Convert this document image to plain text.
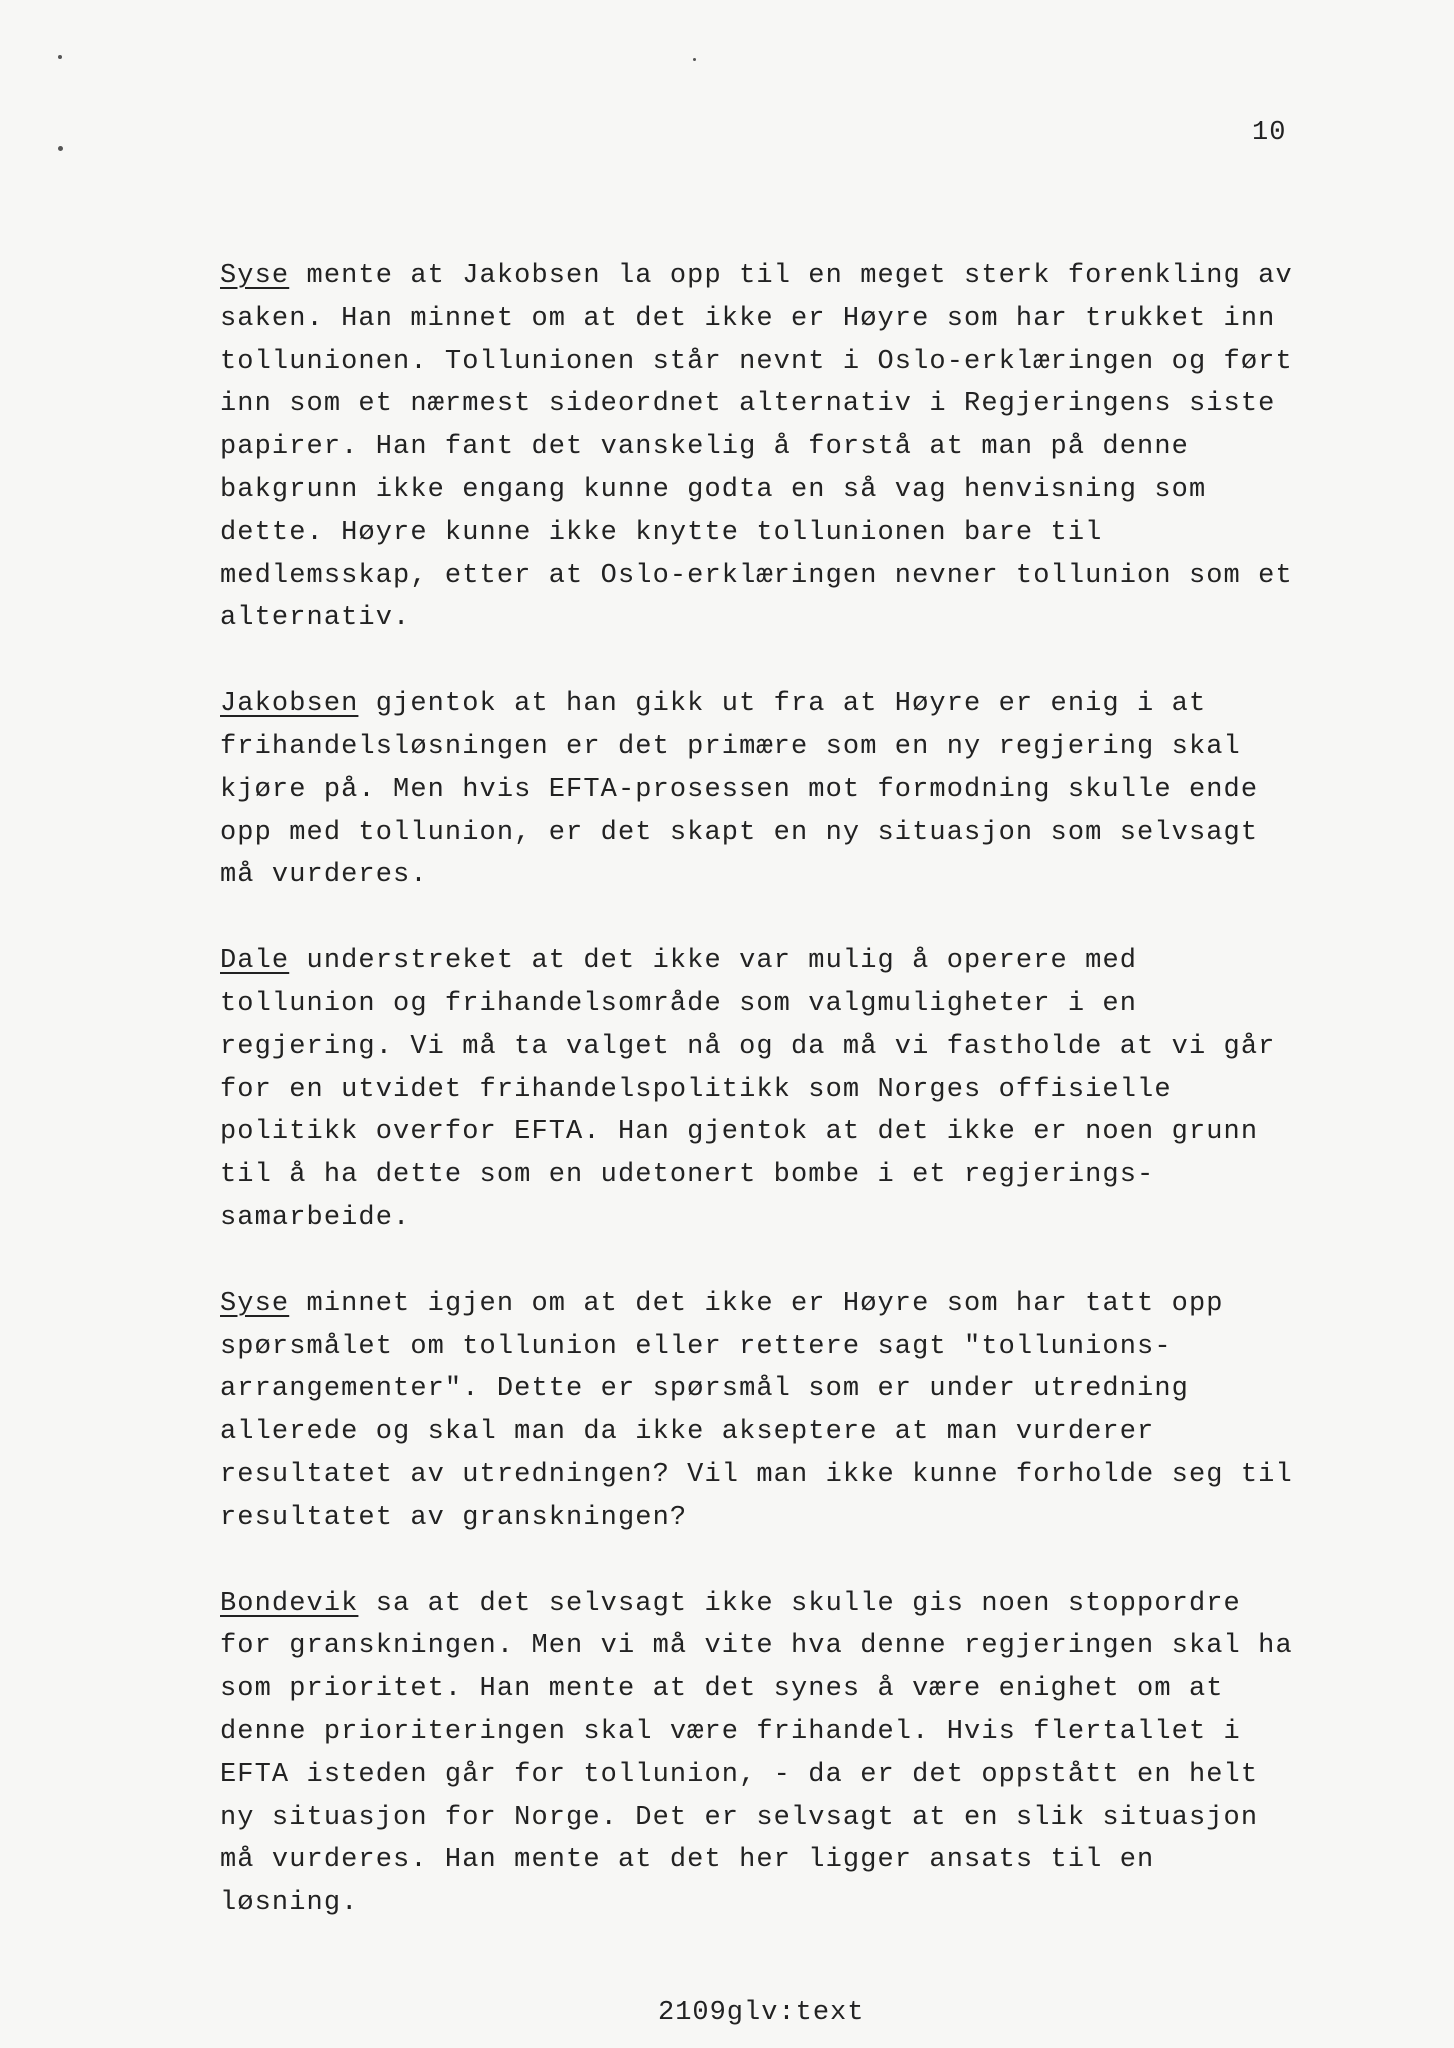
10

Syse mente at Jakobsen la opp til en meget sterk forenkling av
saken. Han minnet om at det ikke er Høyre som har trukket inn
tollunionen. Tollunionen står nevnt i Oslo-erklæringen og ført
inn som et nærmest sideordnet alternativ i Regjeringens siste
papirer. Han fant det vanskelig å forstå at man på denne
bakgrunn ikke engang kunne godta en så vag henvisning som
dette. Høyre kunne ikke knytte tollunionen bare til
medlemsskap, etter at Oslo-erklæringen nevner tollunion som et
alternativ.

Jakobsen gjentok at han gikk ut fra at Høyre er enig i at
frihandelsløsningen er det primære som en ny regjering skal
kjøre på. Men hvis EFTA-prosessen mot formodning skulle ende
opp med tollunion, er det skapt en ny situasjon som selvsagt
må vurderes.

Dale understreket at det ikke var mulig å operere med
tollunion og frihandelsområde som valgmuligheter i en
regjering. Vi må ta valget nå og da må vi fastholde at vi går
for en utvidet frihandelspolitikk som Norges offisielle
politikk overfor EFTA. Han gjentok at det ikke er noen grunn
til å ha dette som en udetonert bombe i et regjerings-
samarbeide.

Syse minnet igjen om at det ikke er Høyre som har tatt opp
spørsmålet om tollunion eller rettere sagt "tollunions-
arrangementer". Dette er spørsmål som er under utredning
allerede og skal man da ikke akseptere at man vurderer
resultatet av utredningen? Vil man ikke kunne forholde seg til
resultatet av granskningen?

Bondevik sa at det selvsagt ikke skulle gis noen stoppordre
for granskningen. Men vi må vite hva denne regjeringen skal ha
som prioritet. Han mente at det synes å være enighet om at
denne prioriteringen skal være frihandel. Hvis flertallet i
EFTA isteden går for tollunion, - da er det oppstått en helt
ny situasjon for Norge. Det er selvsagt at en slik situasjon
må vurderes. Han mente at det her ligger ansats til en
løsning.

2109glv:text
